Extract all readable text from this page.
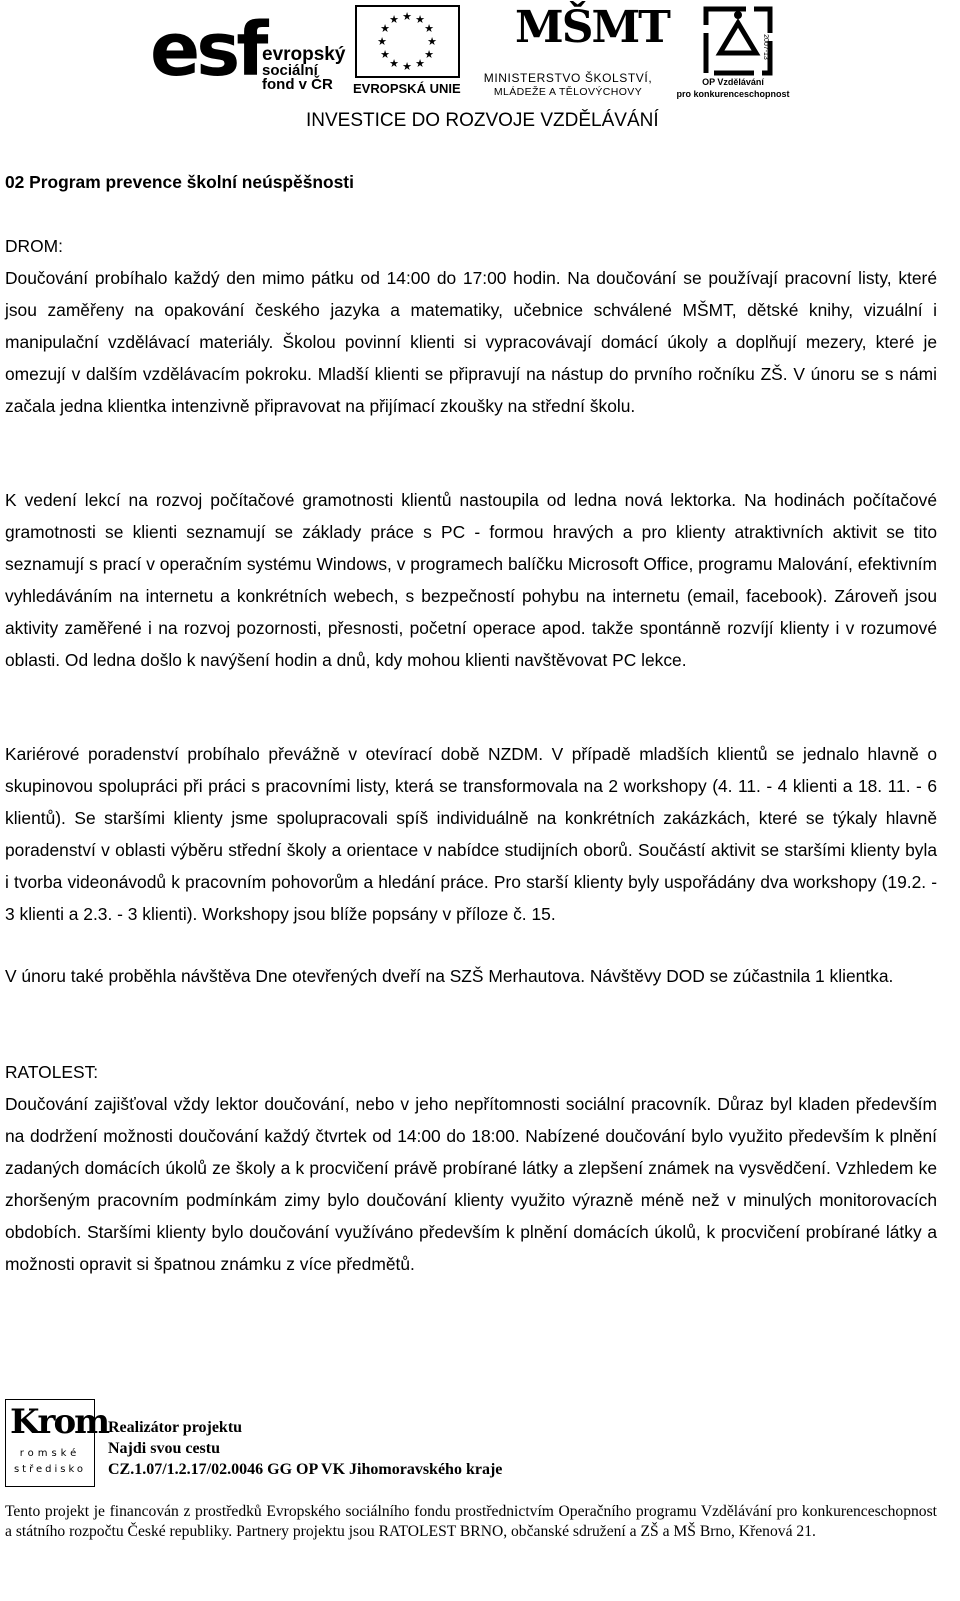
esf
evropský
sociální
fond v ČR
★ ★
★
★
★
★
★
★
★
★
★
★
EVROPSKÁ UNIE
MŠMT
MINISTERSTVO ŠKOLSTVÍ,
MLÁDEŽE A TĚLOVÝCHOVY
2007-13
OP Vzdělávání
pro konkurenceschopnost
INVESTICE DO ROZVOJE VZDĚLÁVÁNÍ
02 Program prevence školní neúspěšnosti
DROM:

Doučování probíhalo každý den mimo pátku od 14:00 do 17:00 hodin. Na doučování se používají pracovní listy, které jsou zaměřeny na opakování českého jazyka a matematiky, učebnice schválené MŠMT, dětské knihy, vizuální i manipulační vzdělávací materiály. Školou povinní klienti si vypracovávají domácí úkoly a doplňují mezery, které je omezují v dalším vzdělávacím pokroku. Mladší klienti se připravují na nástup do prvního ročníku ZŠ. V únoru se s námi začala jedna klientka intenzivně připravovat na přijímací zkoušky na střední školu.

K vedení lekcí na rozvoj počítačové gramotnosti klientů nastoupila od ledna nová lektorka. Na hodinách počítačové gramotnosti se klienti seznamují se základy práce s PC - formou hravých a pro klienty atraktivních aktivit se tito seznamují s prací v operačním systému Windows, v programech balíčku Microsoft Office, programu Malování, efektivním vyhledáváním na internetu a konkrétních webech, s bezpečností pohybu na internetu (email, facebook). Zároveň jsou aktivity zaměřené i na rozvoj pozornosti, přesnosti, početní operace apod. takže spontánně rozvíjí klienty i v rozumové oblasti. Od ledna došlo k navýšení hodin a dnů, kdy mohou klienti navštěvovat PC lekce.

Kariérové poradenství probíhalo převážně v otevírací době NZDM. V případě mladších klientů se jednalo hlavně o skupinovou spolupráci při práci s pracovními listy, která se transformovala na 2 workshopy (4. 11. - 4 klienti a 18. 11. - 6 klientů). Se staršími klienty jsme spolupracovali spíš individuálně na konkrétních zakázkách, které se týkaly hlavně poradenství v oblasti výběru střední školy a orientace v nabídce studijních oborů. Součástí aktivit se staršími klienty byla i tvorba videonávodů k pracovním pohovorům a hledání práce. Pro starší klienty byly uspořádány dva workshopy (19.2. - 3 klienti a 2.3. - 3 klienti). Workshopy jsou blíže popsány v příloze č. 15.

V únoru také proběhla návštěva Dne otevřených dveří na SZŠ Merhautova. Návštěvy DOD se zúčastnila 1 klientka.

RATOLEST:

Doučování zajišťoval vždy lektor doučování, nebo v jeho nepřítomnosti sociální pracovník. Důraz byl kladen především na dodržení možnosti doučování každý čtvrtek od 14:00 do 18:00. Nabízené doučování bylo využito především k plnění zadaných domácích úkolů ze školy a k procvičení právě probírané látky a zlepšení známek na vysvědčení. Vzhledem ke zhoršeným pracovním podmínkám zimy bylo doučování klienty využito výrazně méně než v minulých monitorovacích obdobích. Staršími klienty bylo doučování využíváno především k plnění domácích úkolů, k procvičení probírané látky a možnosti opravit si špatnou známku z více předmětů.

Krom
romské
středisko
Realizátor projektu
Najdi svou cestu
CZ.1.07/1.2.17/02.0046 GG OP VK Jihomoravského kraje
Tento projekt je financován z prostředků Evropského sociálního fondu prostřednictvím Operačního programu Vzdělávání pro konkurenceschopnost a státního rozpočtu České republiky. Partnery projektu jsou RATOLEST BRNO, občanské sdružení a ZŠ a MŠ Brno, Křenová 21.
